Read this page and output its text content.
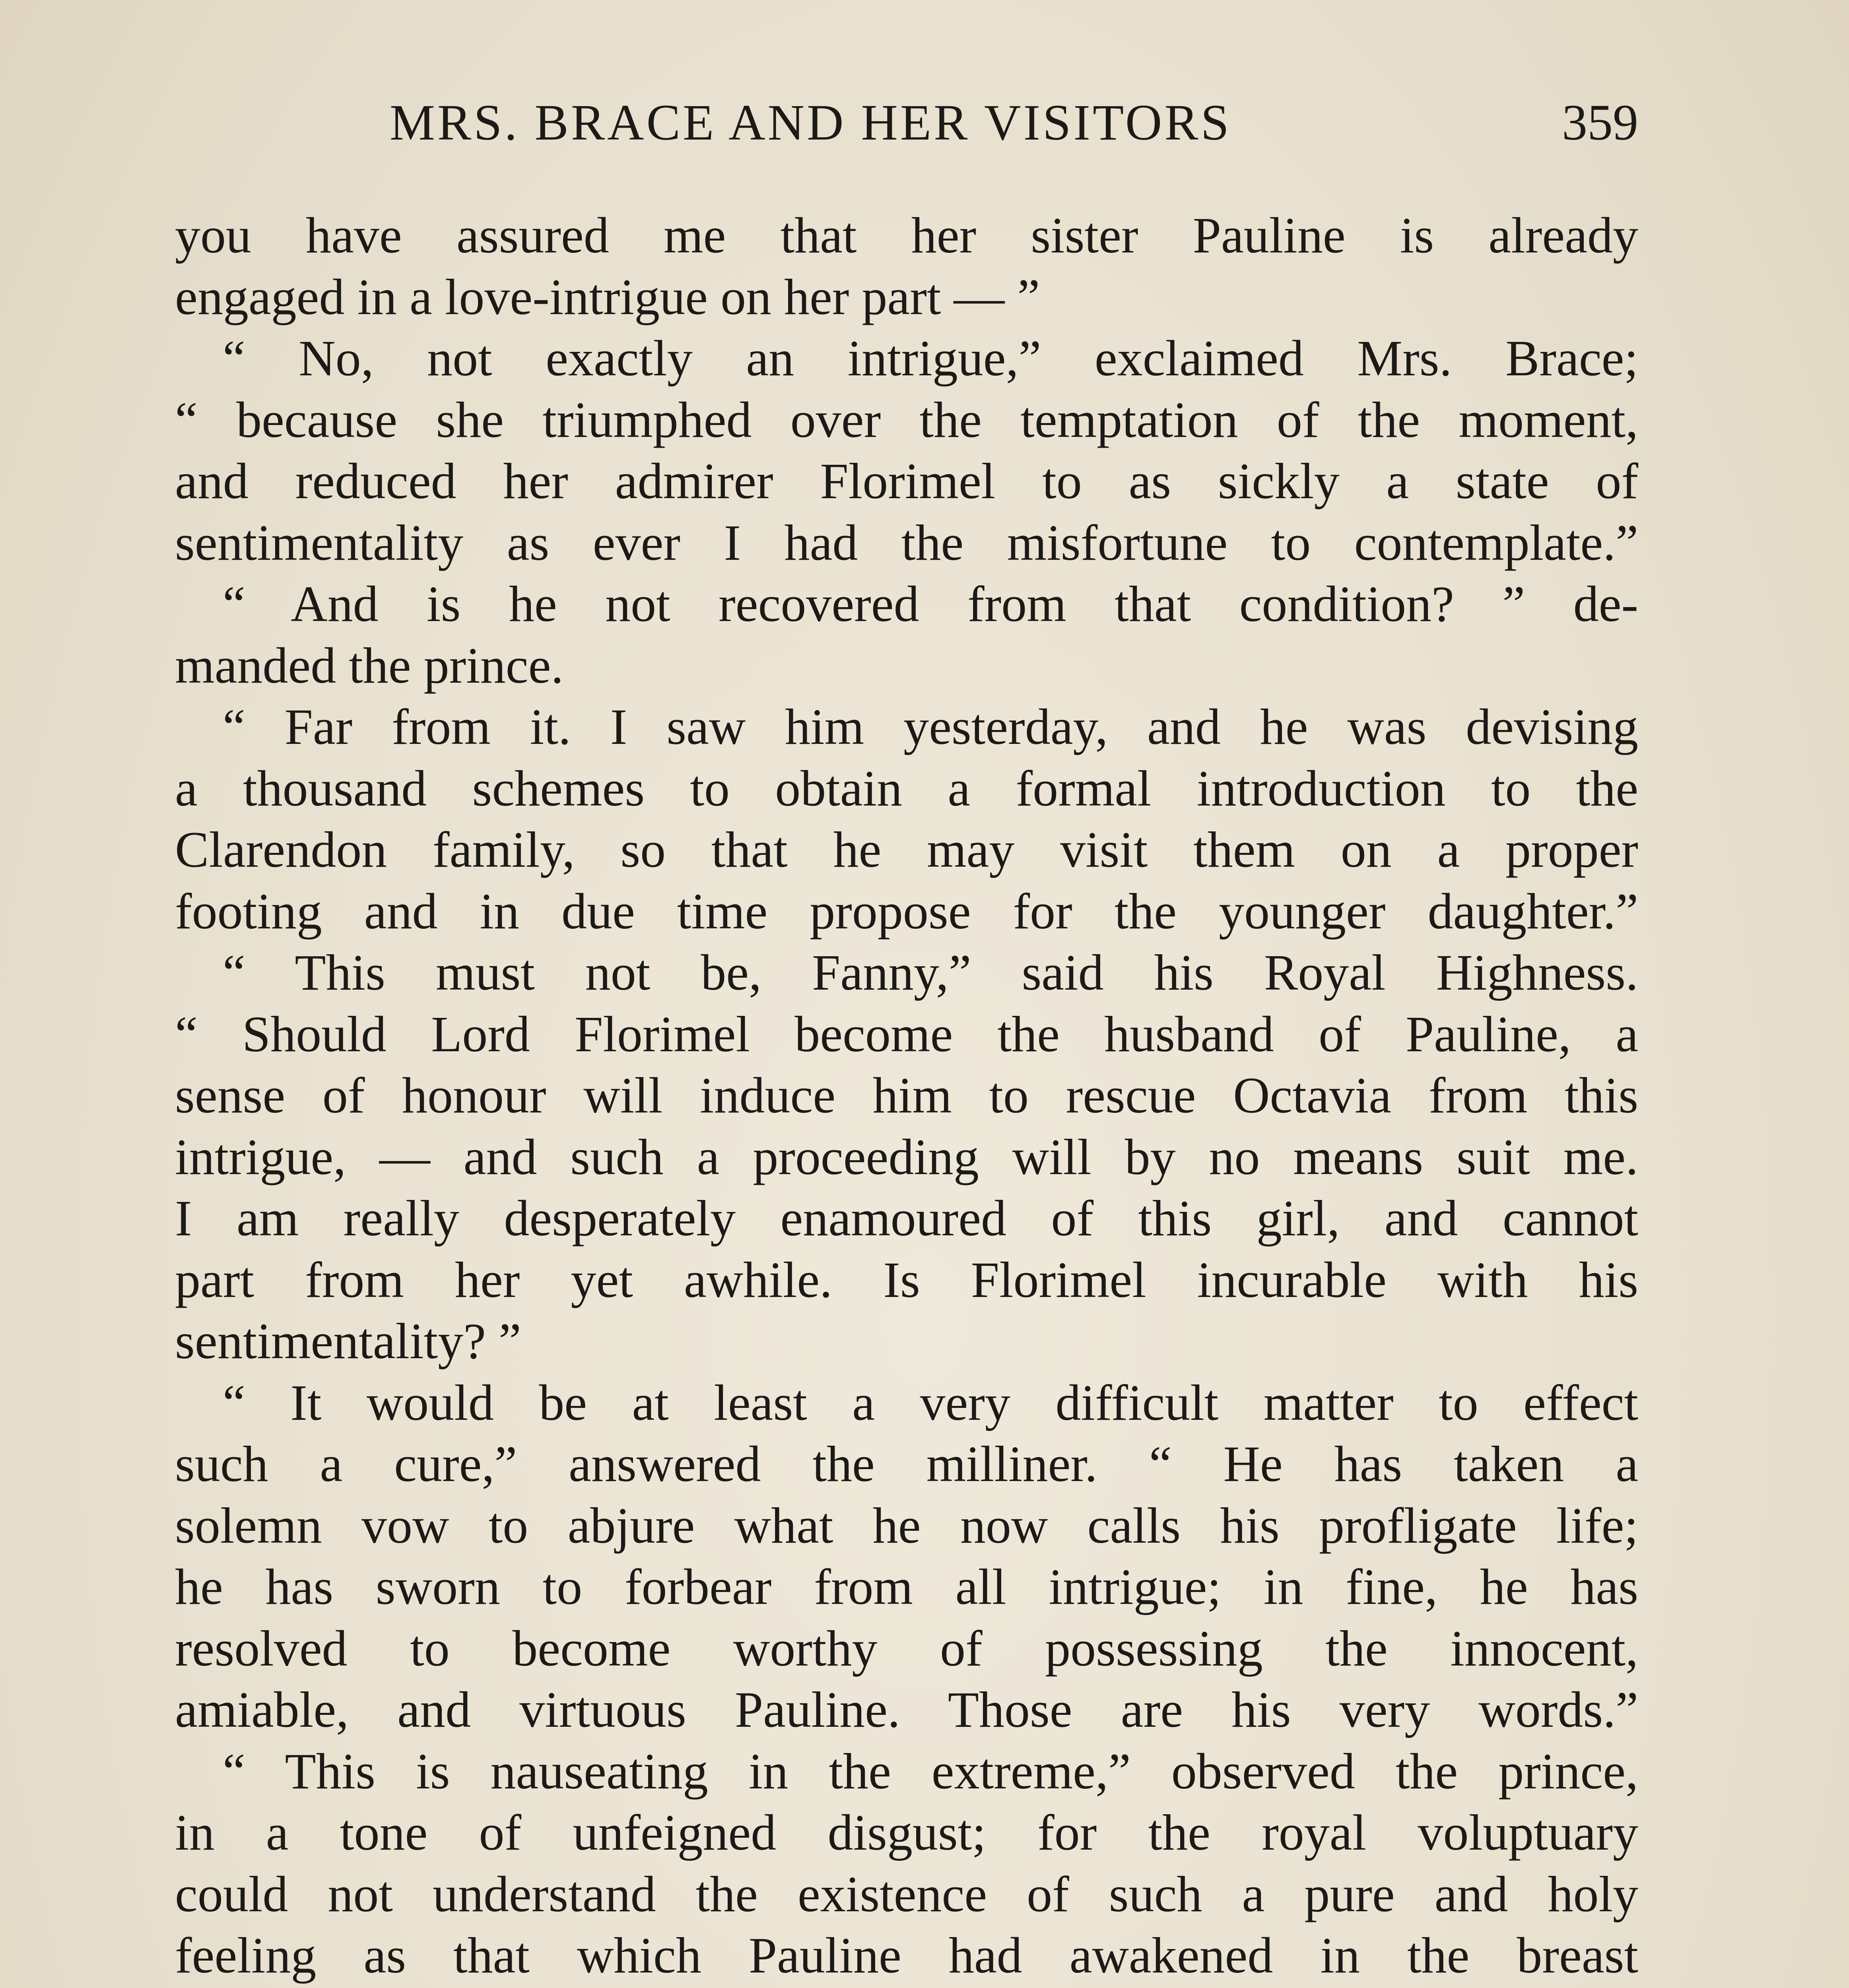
MRS. BRACE AND HER VISITORS	359
you have assured me that her sister Pauline is already
engaged in a love-intrigue on her part — ”
“ No, not exactly an intrigue,” exclaimed Mrs. Brace;
“ because she triumphed over the temptation of the moment,
and reduced her admirer Florimel to as sickly a state of
sentimentality as ever I had the misfortune to contemplate.”
“ And is he not recovered from that condition? ” de-
manded the prince.
“ Far from it. I saw him yesterday, and he was devising
a thousand schemes to obtain a formal introduction to the
Clarendon family, so that he may visit them on a proper
footing and in due time propose for the younger daughter.”
“ This must not be, Fanny,” said his Royal Highness.
“ Should Lord Florimel become the husband of Pauline, a
sense of honour will induce him to rescue Octavia from this
intrigue, — and such a proceeding will by no means suit me.
I am really desperately enamoured of this girl, and cannot
part from her yet awhile. Is Florimel incurable with his
sentimentality? ”
“ It would be at least a very difficult matter to effect
such a cure,” answered the milliner. “ He has taken a
solemn vow to abjure what he now calls his profligate life;
he has sworn to forbear from all intrigue; in fine, he has
resolved to become worthy of possessing the innocent,
amiable, and virtuous Pauline. Those are his very words.”
“ This is nauseating in the extreme,” observed the prince,
in a tone of unfeigned disgust; for the royal voluptuary
could not understand the existence of such a pure and holy
feeling as that which Pauline had awakened in the breast
